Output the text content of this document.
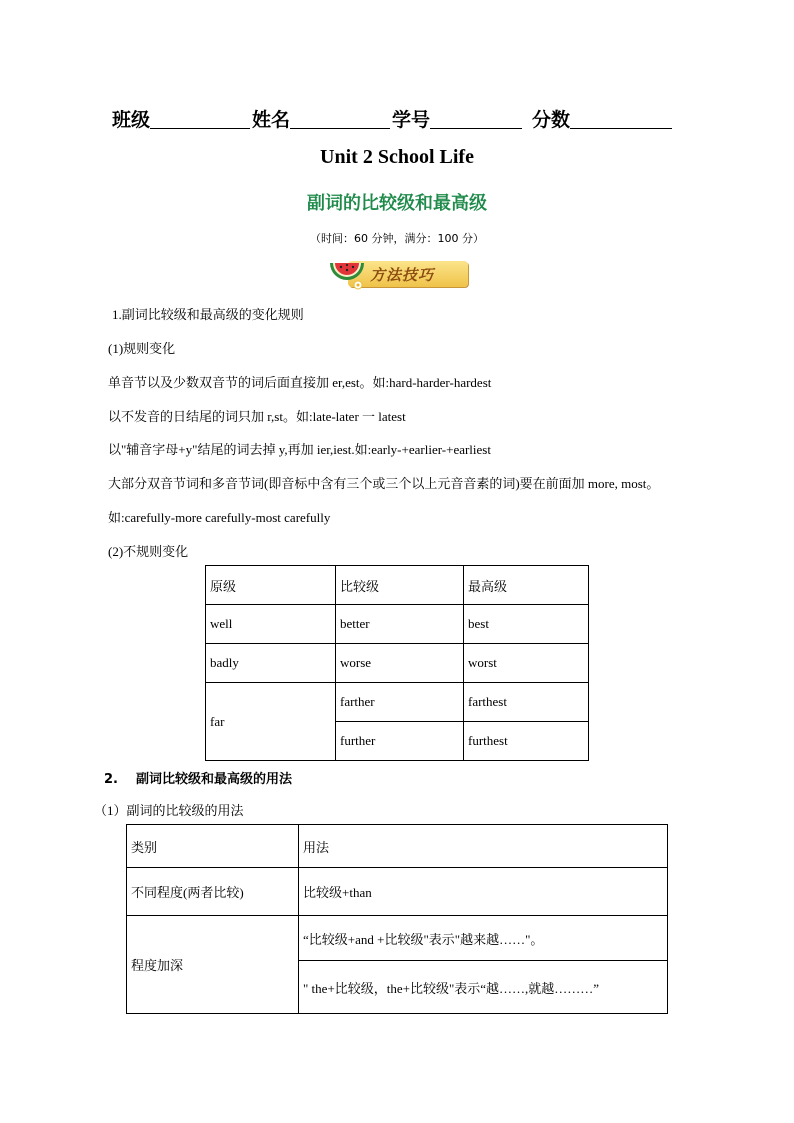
班级	姓名	学号	分数
Unit 2 School Life
副词的比较级和最高级
（时间：60 分钟，满分：100 分）
方法技巧
1.副词比较级和最高级的变化规则
(1)规则变化
单音节以及少数双音节的词后面直接加 er,est。如:hard-harder-hardest
以不发音的日结尾的词只加 r,st。如:late-later 一 latest
以"辅音字母+y"结尾的词去掉 y,再加 ier,iest.如:early-+earlier-+earliest
大部分双音节词和多音节词(即音标中含有三个或三个以上元音音素的词)要在前面加 more, most。
如:carefully-more carefully-most carefully
(2)不规则变化
原级	比较级	最高级
well	better	best
badly	worse	worst
far	farther	farthest
	further	furthest
2. 副词比较级和最高级的用法
（1）副词的比较级的用法
类别	用法
不同程度(两者比较)	比较级+than
程度加深	“比较级+and +比较级"表示"越来越……"。
	" the+比较级，the+比较级"表示“越……,就越………”
